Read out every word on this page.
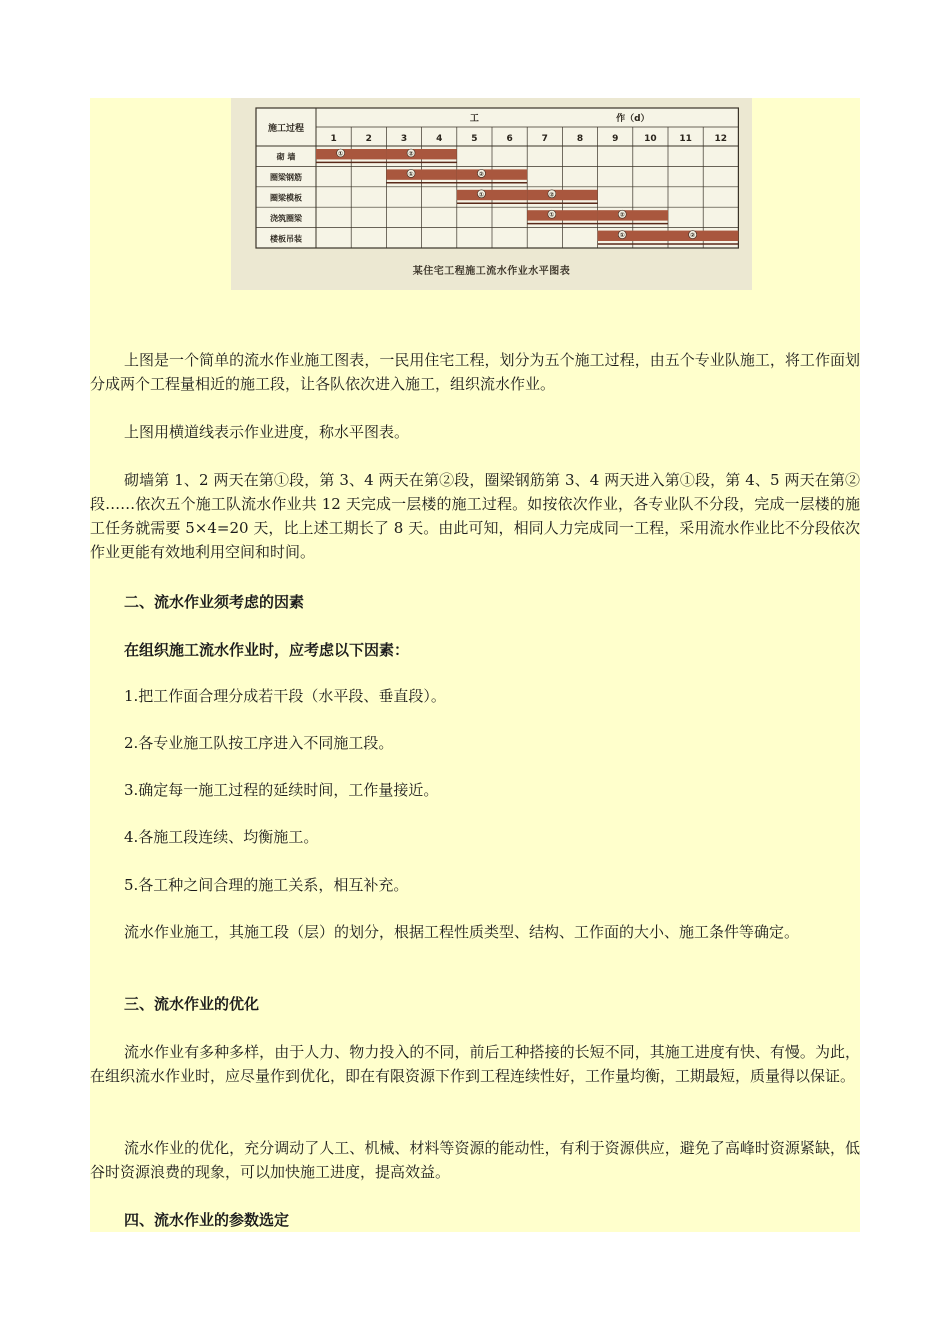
施工过程
工	作（d）
1	2	3	4	5	6	7	8	9	10	11	12
砌 墙	①	②
圈梁钢筋	①	②
圈梁模板	①	②
浇筑圈梁	①	②
楼板吊装	①	②
某住宅工程施工流水作业水平图表

上图是一个简单的流水作业施工图表，一民用住宅工程，划分为五个施工过程，由五个专业队施工，将工作面划分成两个工程量相近的施工段，让各队依次进入施工，组织流水作业。

上图用横道线表示作业进度，称水平图表。

砌墙第 1、2 两天在第①段，第 3、4 两天在第②段，圈梁钢筋第 3、4 两天进入第①段，第 4、5 两天在第②段……依次五个施工队流水作业共 12 天完成一层楼的施工过程。如按依次作业，各专业队不分段，完成一层楼的施工任务就需要 5×4=20 天，比上述工期长了 8 天。由此可知，相同人力完成同一工程，采用流水作业比不分段依次作业更能有效地利用空间和时间。

二、流水作业须考虑的因素

在组织施工流水作业时，应考虑以下因素：

1.把工作面合理分成若干段（水平段、垂直段）。

2.各专业施工队按工序进入不同施工段。

3.确定每一施工过程的延续时间，工作量接近。

4.各施工段连续、均衡施工。

5.各工种之间合理的施工关系，相互补充。

流水作业施工，其施工段（层）的划分，根据工程性质类型、结构、工作面的大小、施工条件等确定。

三、流水作业的优化

流水作业有多种多样，由于人力、物力投入的不同，前后工种搭接的长短不同，其施工进度有快、有慢。为此，在组织流水作业时，应尽量作到优化，即在有限资源下作到工程连续性好，工作量均衡，工期最短，质量得以保证。

流水作业的优化，充分调动了人工、机械、材料等资源的能动性，有利于资源供应，避免了高峰时资源紧缺，低谷时资源浪费的现象，可以加快施工进度，提高效益。

四、流水作业的参数选定
